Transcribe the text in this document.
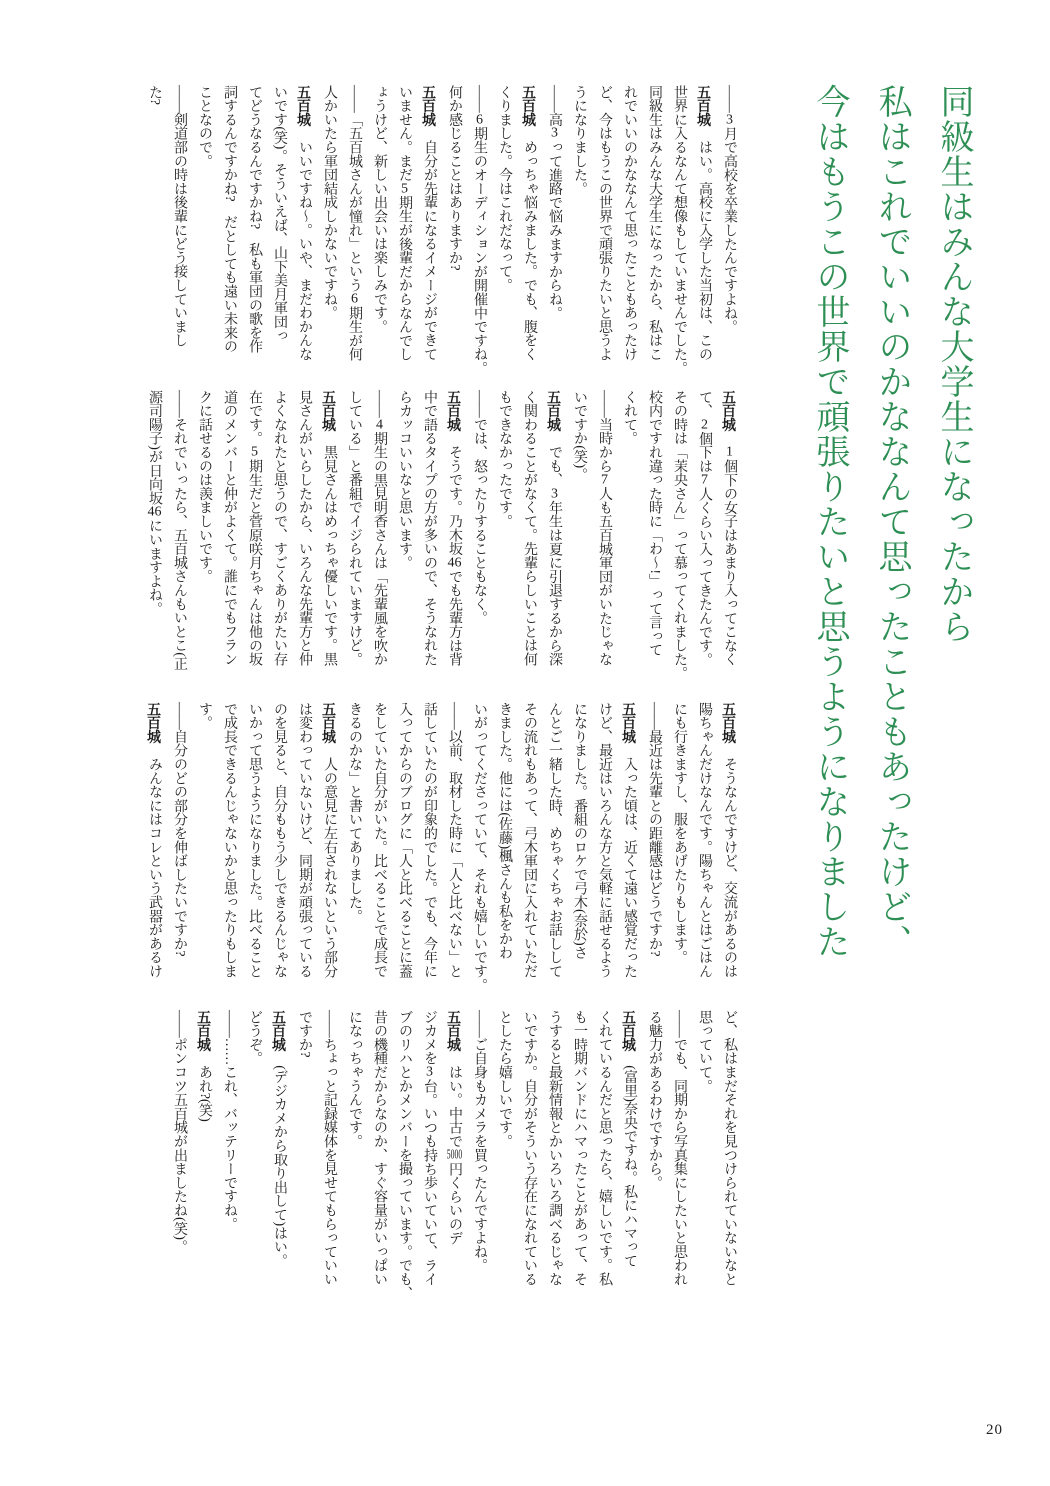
同級生はみんな大学生になったから
私はこれでいいのかななんて思ったこともあったけど、
今はもうこの世界で頑張りたいと思うようになりました
——3月で高校を卒業したんですよね。
五百城　はい。高校に入学した当初は、この
世界に入るなんて想像もしていませんでした。
同級生はみんな大学生になったから、私はこ
れでいいのかななんて思ったこともあったけ
ど、今はもうこの世界で頑張りたいと思うよ
うになりました。
——高3って進路で悩みますからね。
五百城　めっちゃ悩みました。でも、腹をく
くりました。今はこれだなって。
——6期生のオーディションが開催中ですね。
何か感じることはありますか?
五百城　自分が先輩になるイメージができて
いません。まだ5期生が後輩だからなんでし
ょうけど、新しい出会いは楽しみです。
——「五百城さんが憧れ」という6期生が何
人かいたら軍団結成しかないですね。
五百城　いいですね〜。いや、まだわかんな
いです(笑)。そういえば、山下美月軍団っ
てどうなるんですかね?　私も軍団の歌を作
詞するんですかね?　だとしても遠い未来の
ことなので。
——剣道部の時は後輩にどう接していまし
た?
五百城　1個下の女子はあまり入ってこなく
て、2個下は7人くらい入ってきたんです。
その時は「茉央さん」って慕ってくれました。
校内ですれ違った時に「わ〜!」って言って
くれて。
——当時から7人も五百城軍団がいたじゃな
いですか(笑)。
五百城　でも、3年生は夏に引退するから深
く関わることがなくて。先輩らしいことは何
もできなかったです。
——では、怒ったりすることもなく。
五百城　そうです。乃木坂46でも先輩方は背
中で語るタイプの方が多いので、そうなれた
らカッコいいなと思います。
——4期生の黒見明香さんは「先輩風を吹か
している」と番組でイジられていますけど。
五百城　黒見さんはめっちゃ優しいです。黒
見さんがいらしたから、いろんな先輩方と仲
よくなれたと思うので、すごくありがたい存
在です。5期生だと菅原咲月ちゃんは他の坂
道のメンバーと仲がよくて。誰にでもフラン
クに話せるのは羨ましいです。
——それでいったら、五百城さんもいとこ(正
源司陽子)が日向坂46にいますよね。
五百城　そうなんですけど、交流があるのは
陽ちゃんだけなんです。陽ちゃんとはごはん
にも行きますし、服をあげたりもします。
——最近は先輩との距離感はどうですか?
五百城　入った頃は、近くて遠い感覚だった
けど、最近はいろんな方と気軽に話せるよう
になりました。番組のロケで弓木(奈於)さ
んとご一緒した時、めちゃくちゃお話しして
その流れもあって、弓木軍団に入れていただ
きました。他には(佐藤)楓さんも私をかわ
いがってくださっていて、それも嬉しいです。
——以前、取材した時に「人と比べない」と
話していたのが印象的でした。でも、今年に
入ってからのブログに「人と比べることに蓋
をしていた自分がいた。比べることで成長で
きるのかな」と書いてありました。
五百城　人の意見に左右されないという部分
は変わっていないけど、同期が頑張っている
のを見ると、自分ももう少しできるんじゃな
いかって思うようになりました。比べること
で成長できるんじゃないかと思ったりもしま
す。
——自分のどの部分を伸ばしたいですか?
五百城　みんなにはコレという武器があるけ
ど、私はまだそれを見つけられていないなと
思っていて。
——でも、同期から写真集にしたいと思われ
る魅力があるわけですから。
五百城　(富里)奈央ですね。私にハマって
くれているんだと思ったら、嬉しいです。私
も一時期バンドにハマったことがあって、そ
うすると最新情報とかいろいろ調べるじゃな
いですか。自分がそういう存在になれている
としたら嬉しいです。
——ご自身もカメラを買ったんですよね。
五百城　はい。中古で5000円くらいのデ
ジカメを3台。いつも持ち歩いていて、ライ
ブのリハとかメンバーを撮っています。でも、
昔の機種だからなのか、すぐ容量がいっぱい
になっちゃうんです。
——ちょっと記録媒体を見せてもらっていい
ですか?
五百城　(デジカメから取り出して)はい。
どうぞ。
——……これ、バッテリーですね。
五百城　あれ?(笑)
——ポンコツ五百城が出ましたね(笑)。
20
